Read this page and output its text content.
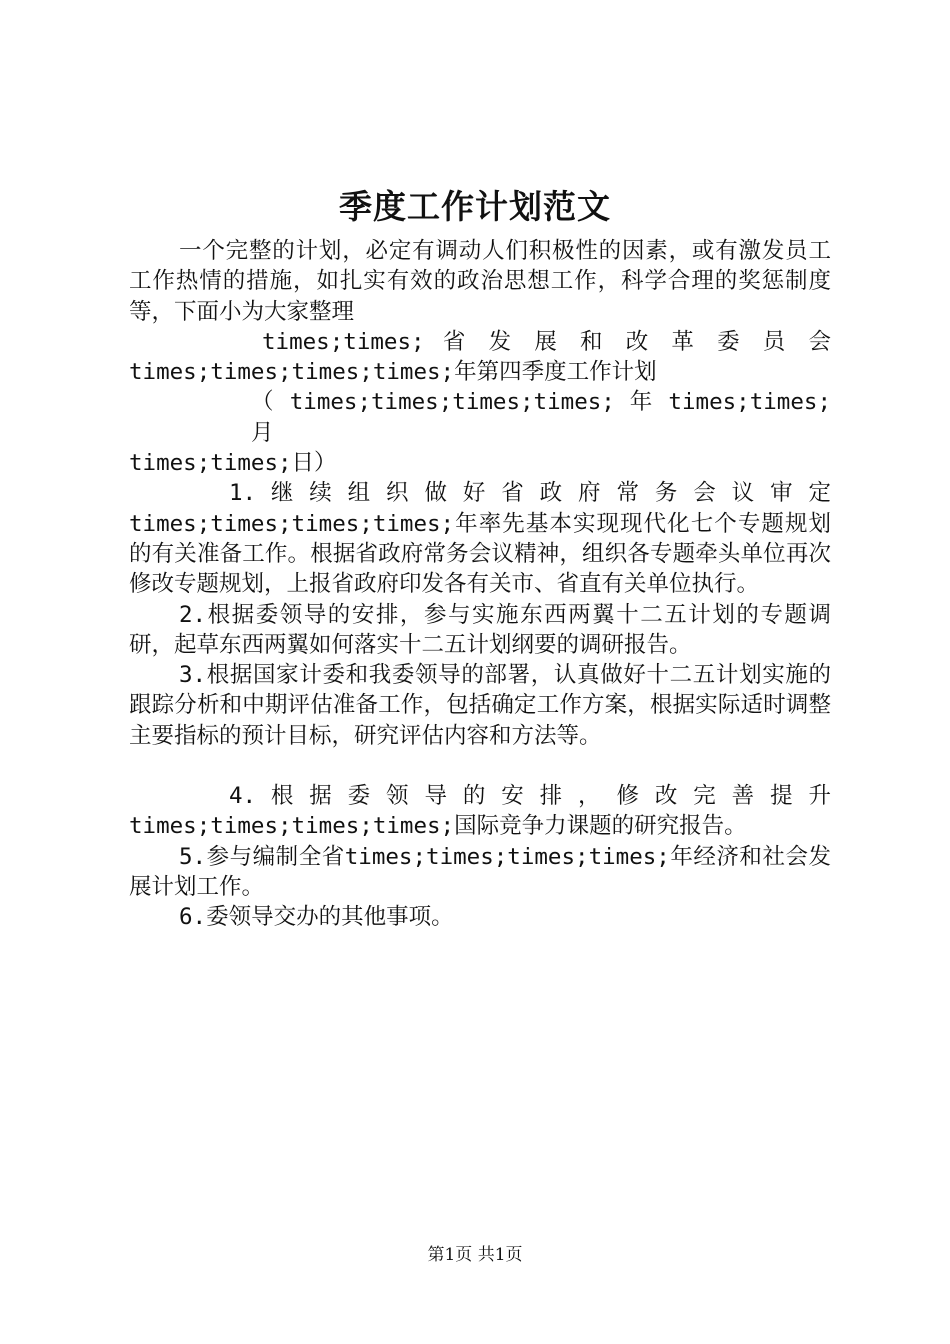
季度工作计划范文

一个完整的计划，必定有调动人们积极性的因素，或有激发员工工作热情的措施，如扎实有效的政治思想工作，科学合理的奖惩制度等，下面小为大家整理

times;times; 省 发 展 和 改 革 委 员 会
times;times;times;times;年第四季度工作计划

（ times;times;times;times; 年 times;times; 月
times;times;日）

1. 继 续 组 织 做 好 省 政 府 常 务 会 议 审 定
times;times;times;times;年率先基本实现现代化七个专题规划的有关准备工作。根据省政府常务会议精神，组织各专题牵头单位再次修改专题规划，上报省政府印发各有关市、省直有关单位执行。

2.根据委领导的安排，参与实施东西两翼十二五计划的专题调研，起草东西两翼如何落实十二五计划纲要的调研报告。

3.根据国家计委和我委领导的部署，认真做好十二五计划实施的跟踪分析和中期评估准备工作，包括确定工作方案，根据实际适时调整主要指标的预计目标，研究评估内容和方法等。

4. 根 据 委 领 导 的 安 排 ， 修 改 完 善 提 升
times;times;times;times;国际竞争力课题的研究报告。

5.参与编制全省times;times;times;times;年经济和社会发展计划工作。

6.委领导交办的其他事项。

第1页 共1页
